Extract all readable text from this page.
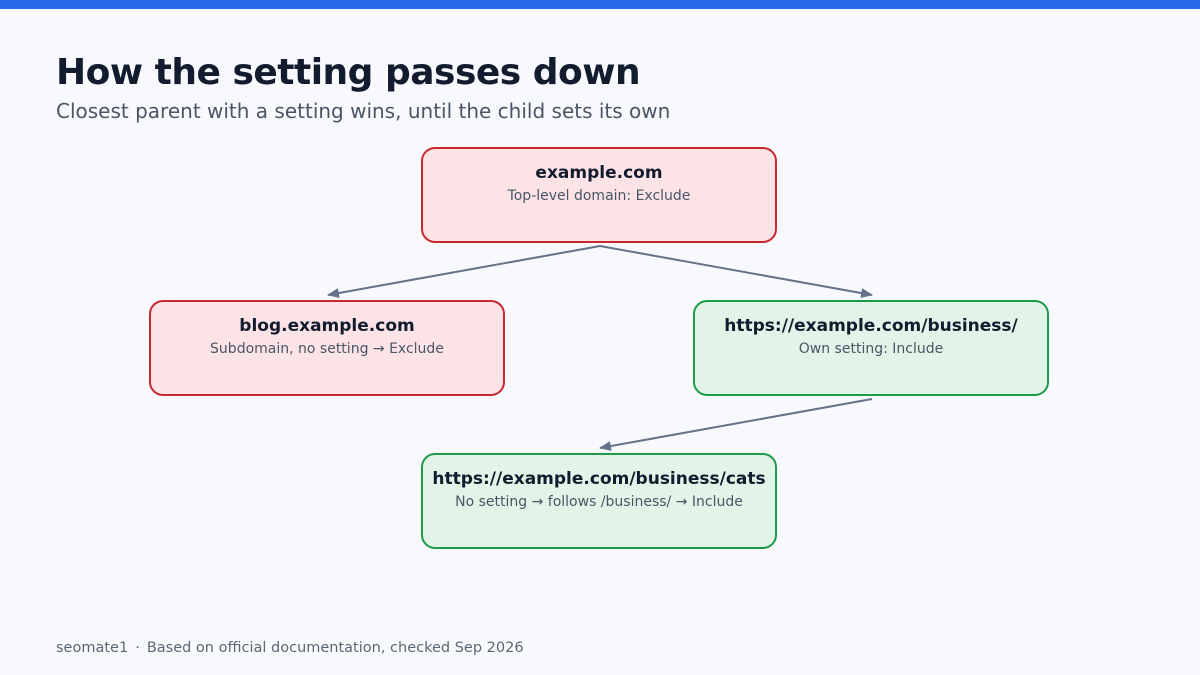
How the setting passes down
Closest parent with a setting wins, until the child sets its own
example.com
Top-level domain: Exclude
blog.example.com
Subdomain, no setting → Exclude
https://example.com/business/
Own setting: Include
https://example.com/business/cats
No setting → follows /business/ → Include
seomate1 · Based on official documentation, checked Sep 2026
